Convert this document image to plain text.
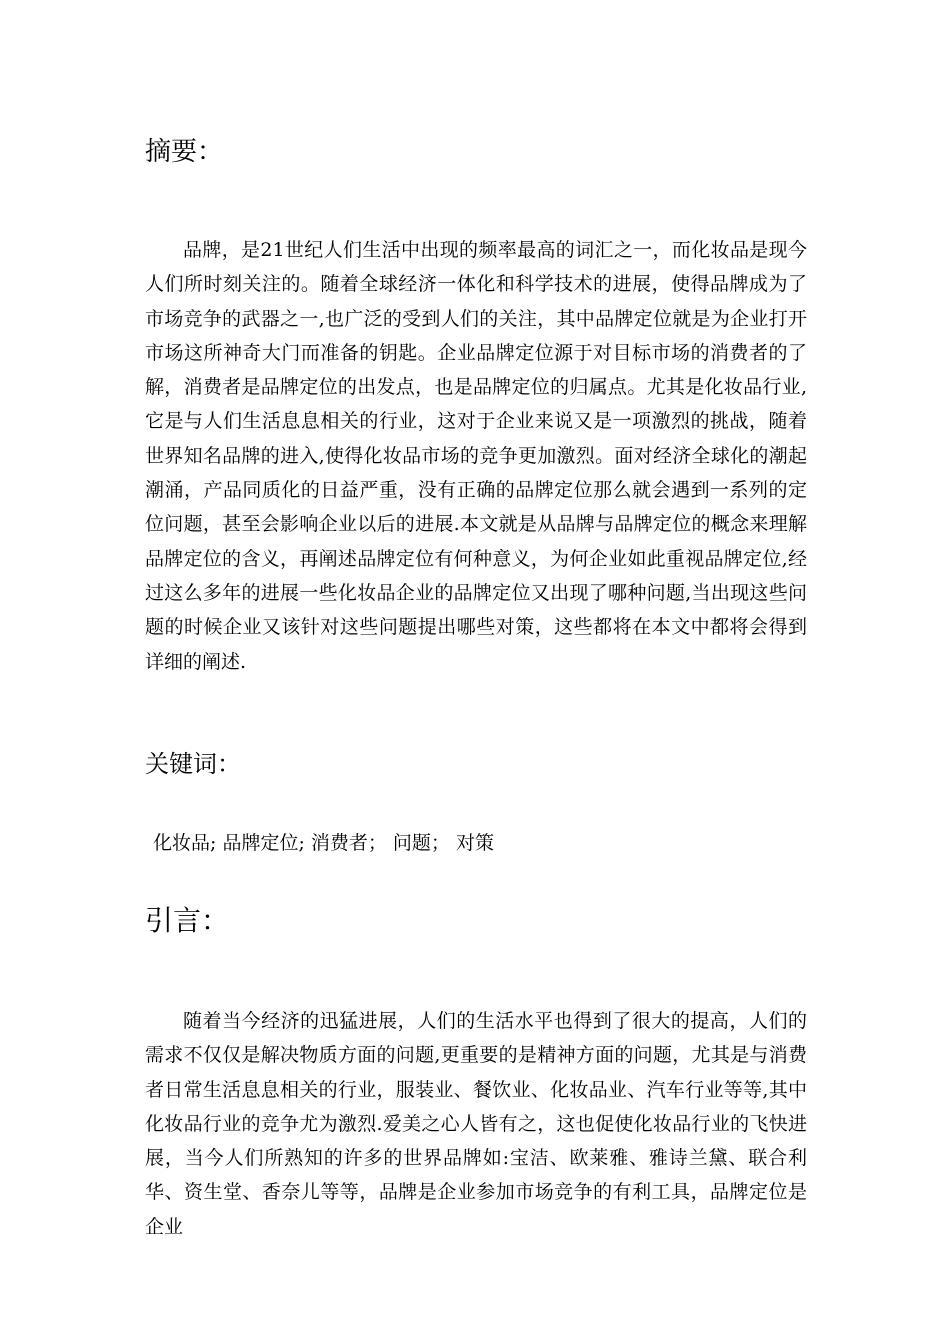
摘要：

品牌，是21世纪人们生活中出现的频率最高的词汇之一，而化妆品是现今人们所时刻关注的。随着全球经济一体化和科学技术的进展，使得品牌成为了市场竞争的武器之一,也广泛的受到人们的关注，其中品牌定位就是为企业打开市场这所神奇大门而准备的钥匙。企业品牌定位源于对目标市场的消费者的了解，消费者是品牌定位的出发点，也是品牌定位的归属点。尤其是化妆品行业,它是与人们生活息息相关的行业，这对于企业来说又是一项激烈的挑战，随着世界知名品牌的进入,使得化妆品市场的竞争更加激烈。面对经济全球化的潮起潮涌，产品同质化的日益严重，没有正确的品牌定位那么就会遇到一系列的定位问题，甚至会影响企业以后的进展.本文就是从品牌与品牌定位的概念来理解品牌定位的含义，再阐述品牌定位有何种意义，为何企业如此重视品牌定位,经过这么多年的进展一些化妆品企业的品牌定位又出现了哪种问题,当出现这些问题的时候企业又该针对这些问题提出哪些对策，这些都将在本文中都将会得到详细的阐述.

关键词：

化妆品; 品牌定位; 消费者； 问题； 对策

引言：

随着当今经济的迅猛进展，人们的生活水平也得到了很大的提高，人们的需求不仅仅是解决物质方面的问题,更重要的是精神方面的问题，尤其是与消费者日常生活息息相关的行业，服装业、餐饮业、化妆品业、汽车行业等等,其中化妆品行业的竞争尤为激烈.爱美之心人皆有之，这也促使化妆品行业的飞快进展，当今人们所熟知的许多的世界品牌如:宝洁、欧莱雅、雅诗兰黛、联合利华、资生堂、香奈儿等等，品牌是企业参加市场竞争的有利工具，品牌定位是企业
